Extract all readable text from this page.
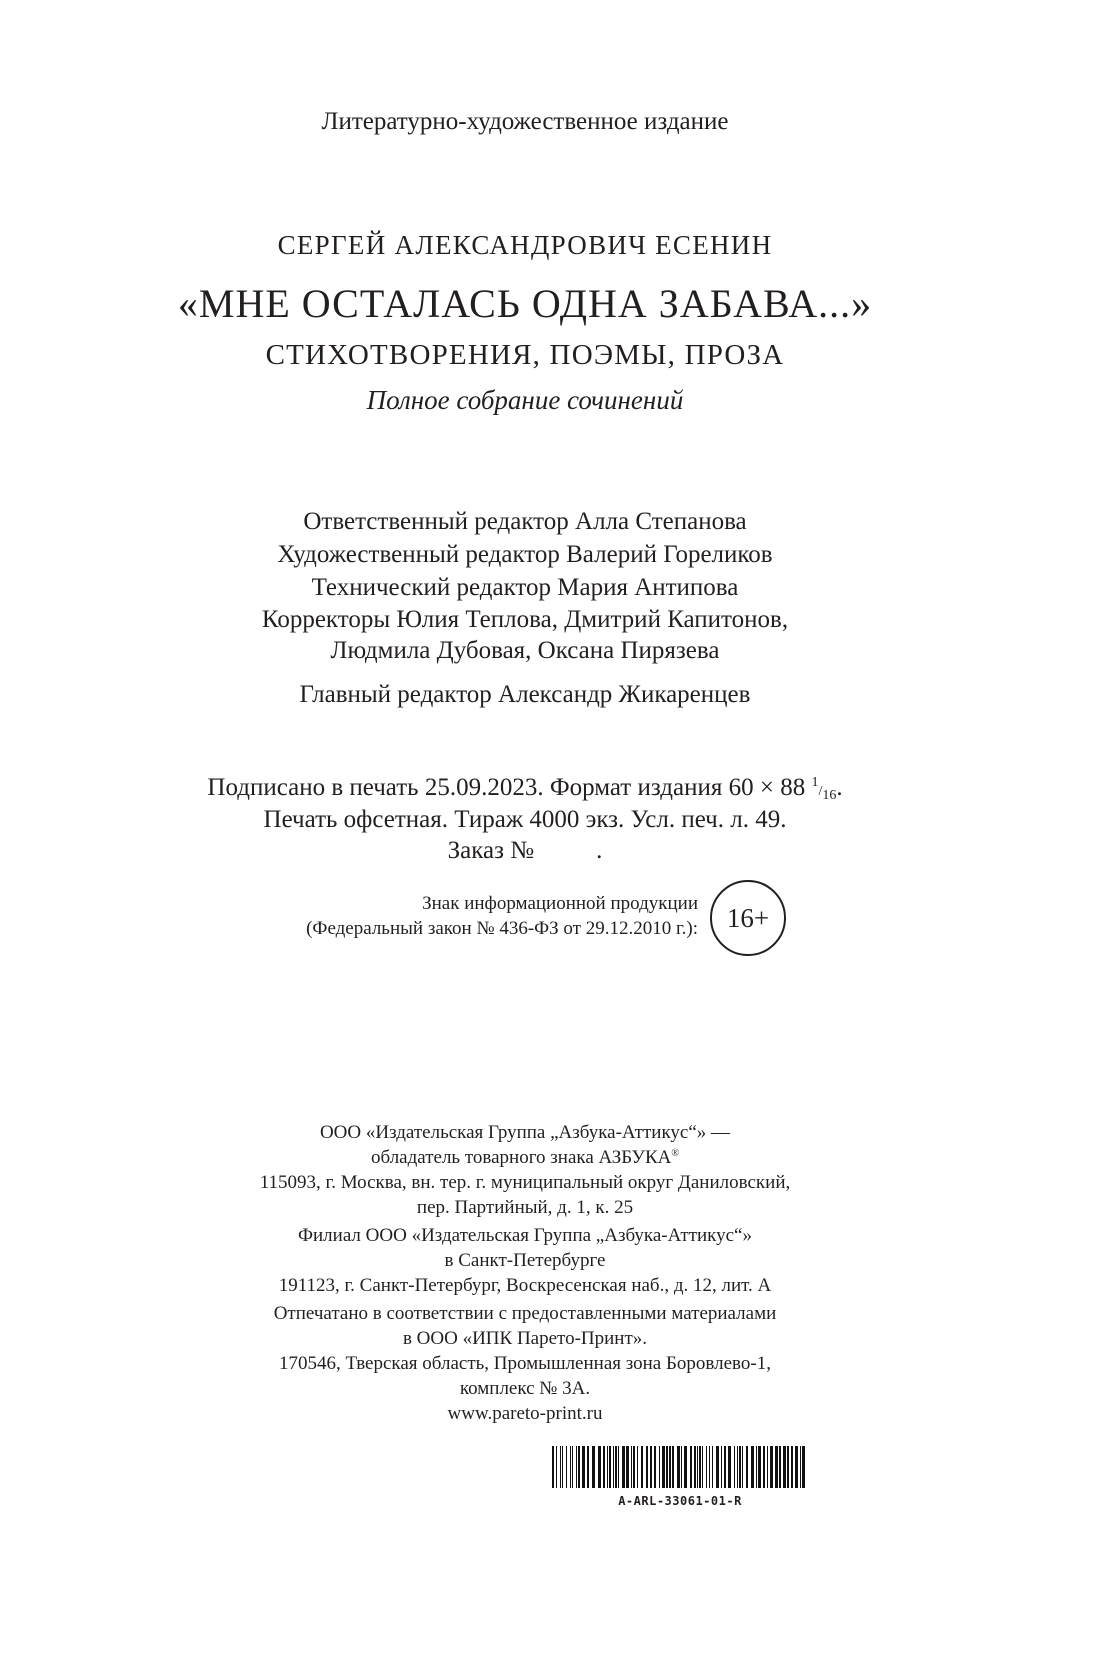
Литературно-художественное издание
СЕРГЕЙ АЛЕКСАНДРОВИЧ ЕСЕНИН
«МНЕ ОСТАЛАСЬ ОДНА ЗАБАВА...»
СТИХОТВОРЕНИЯ, ПОЭМЫ, ПРОЗА
Полное собрание сочинений
Ответственный редактор Алла Степанова
Художественный редактор Валерий Гореликов
Технический редактор Мария Антипова
Корректоры Юлия Теплова, Дмитрий Капитонов,
Людмила Дубовая, Оксана Пирязева
Главный редактор Александр Жикаренцев
Подписано в печать 25.09.2023. Формат издания 60 × 88 $^1/_{16}$.
Печать офсетная. Тираж 4000 экз. Усл. печ. л. 49.
Заказ № .
Знак информационной продукции
(Федеральный закон № 436-ФЗ от 29.12.2010 г.):	16+
ООО «Издательская Группа „Азбука-Аттикус“» —
обладатель товарного знака АЗБУКА®
115093, г. Москва, вн. тер. г. муниципальный округ Даниловский,
пер. Партийный, д. 1, к. 25
Филиал ООО «Издательская Группа „Азбука-Аттикус“»
в Санкт-Петербурге
191123, г. Санкт-Петербург, Воскресенская наб., д. 12, лит. А
Отпечатано в соответствии с предоставленными материалами
в ООО «ИПК Парето-Принт».
170546, Тверская область, Промышленная зона Боровлево-1,
комплекс № 3А.
www.pareto-print.ru
A-ARL-33061-01-R
